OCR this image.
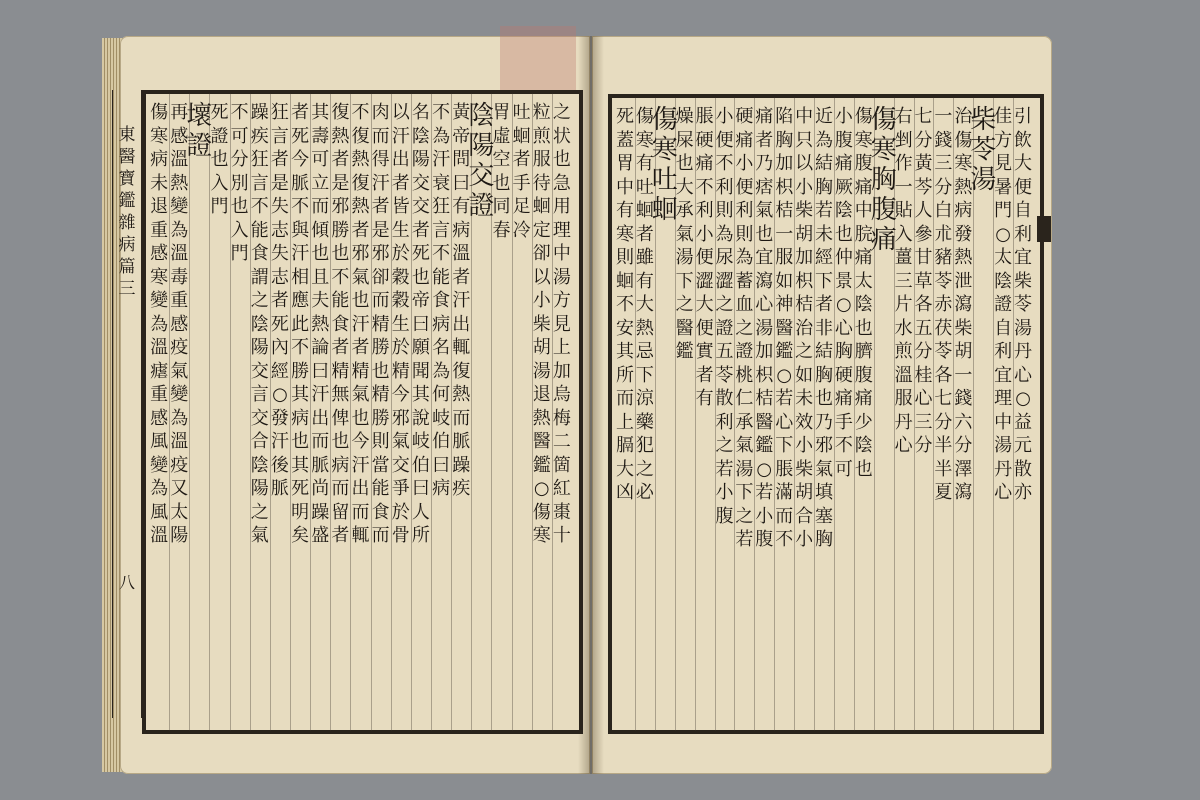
之
状
也
急
用
理
中
湯
方
見
上
加
烏
梅
二
箇
紅
棗
十
粒
煎
服
待
蛔
定
卻
以
小
柴
胡
湯
退
熱
醫
鑑
○
傷
寒
吐
蛔
者
手
足
冷
胃
虛
空
也
同
春
陰
陽
交
證
黃
帝
問
曰
有
病
溫
者
汗
出
輒
復
熱
而
脈
躁
疾
不
為
汗
衰
狂
言
不
能
食
病
名
為
何
岐
伯
曰
病
名
陰
陽
交
交
者
死
也
帝
曰
願
聞
其
說
岐
伯
曰
人
所
以
汗
出
者
皆
生
於
穀
穀
生
於
精
今
邪
氣
交
爭
於
骨
肉
而
得
汗
者
是
邪
卻
而
精
勝
也
精
勝
則
當
能
食
而
不
復
熱
復
熱
者
邪
氣
也
汗
者
精
氣
也
今
汗
出
而
輒
復
熱
者
是
邪
勝
也
不
能
食
者
精
無
俾
也
病
而
留
者
其
壽
可
立
而
傾
也
且
夫
熱
論
曰
汗
出
而
脈
尚
躁
盛
者
死
今
脈
不
與
汗
相
應
此
不
勝
其
病
也
其
死
明
矣
狂
言
者
是
失
志
失
志
者
死
內
經
○
發
汗
後
脈
躁
疾
狂
言
不
能
食
謂
之
陰
陽
交
言
交
合
陰
陽
之
氣
不
可
分
別
也
入
門
死
證
也
入
門
壞
證
再
感
溫
熱
變
為
溫
毒
重
感
疫
氣
變
為
溫
疫
又
太
陽
傷
寒
病
未
退
重
感
寒
變
為
溫
瘧
重
感
風
變
為
風
溫
東
醫
寶
鑑
雜
病
篇
三
八
引
飲
大
便
自
利
宜
柴
苓
湯
丹
心
○
益
元
散
亦
佳
方
見
暑
門
○
太
陰
證
自
利
宜
理
中
湯
丹
心
柴
苓
湯
治
傷
寒
熱
病
發
熱
泄
瀉
柴
胡
一
錢
六
分
澤
瀉
一
錢
三
分
白
朮
豬
苓
赤
茯
苓
各
七
分
半
半
夏
七
分
黃
芩
人
參
甘
草
各
五
分
桂
心
三
分
右
剉
作
一
貼
入
薑
三
片
水
煎
溫
服
丹
心
傷
寒
胸
腹
痛
傷
寒
腹
痛
中
脘
痛
太
陰
也
臍
腹
痛
少
陰
也
小
腹
痛
厥
陰
也
仲
景
○
心
胸
硬
痛
手
不
可
近
為
結
胸
若
未
經
下
者
非
結
胸
也
乃
邪
氣
填
塞
胸
中
只
以
小
柴
胡
加
枳
桔
治
之
如
未
效
小
柴
胡
合
小
陷
胸
加
枳
桔
一
服
如
神
醫
鑑
○
若
心
下
脹
滿
而
不
痛
者
乃
痞
氣
也
宜
瀉
心
湯
加
枳
桔
醫
鑑
○
若
小
腹
硬
痛
小
便
利
則
為
蓄
血
之
證
桃
仁
承
氣
湯
下
之
若
小
便
不
利
則
為
尿
澀
之
證
五
苓
散
利
之
若
小
腹
脹
硬
痛
不
利
小
便
澀
大
便
實
者
有
燥
屎
也
大
承
氣
湯
下
之
醫
鑑
傷
寒
吐
蛔
傷
寒
有
吐
蛔
者
雖
有
大
熱
忌
下
涼
藥
犯
之
必
死
蓋
胃
中
有
寒
則
蛔
不
安
其
所
而
上
膈
大
凶
